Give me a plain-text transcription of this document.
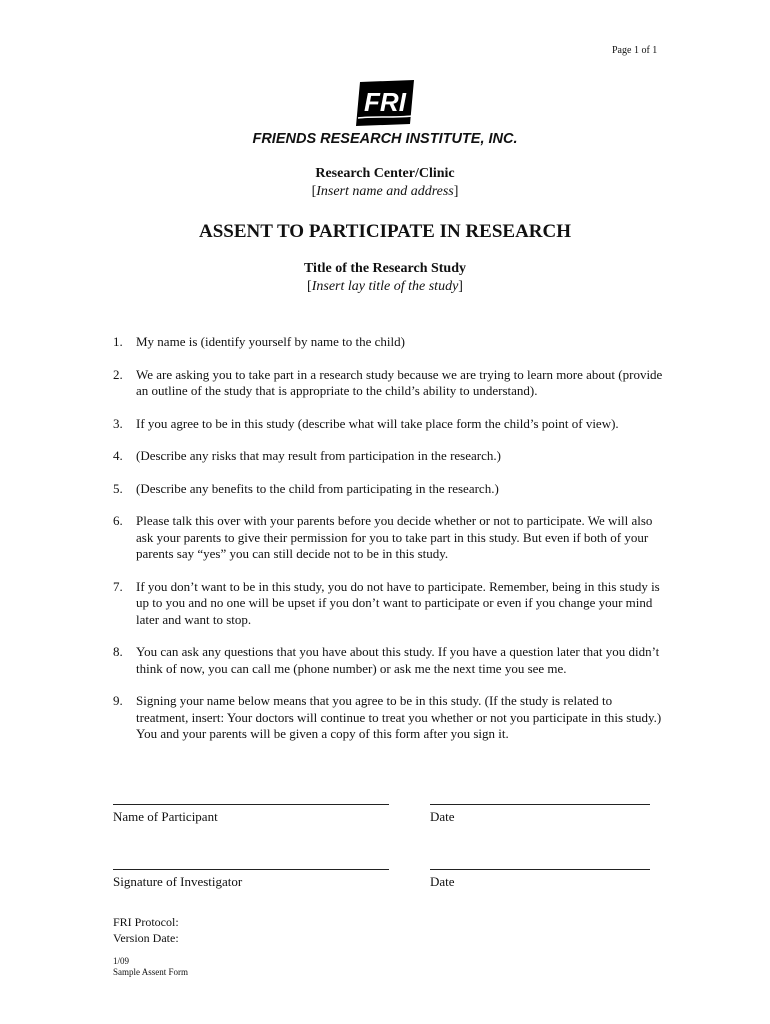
Page 1 of 1
FRI
FRIENDS RESEARCH INSTITUTE, INC.
Research Center/Clinic
[Insert name and address]
ASSENT TO PARTICIPATE IN RESEARCH
Title of the Research Study
[Insert lay title of the study]
1.	My name is (identify yourself by name to the child)
2.	We are asking you to take part in a research study because we are trying to learn more about (provide an outline of the study that is appropriate to the child’s ability to understand).
3.	If you agree to be in this study (describe what will take place form the child’s point of view).
4.	(Describe any risks that may result from participation in the research.)
5.	(Describe any benefits to the child from participating in the research.)
6.	Please talk this over with your parents before you decide whether or not to participate. We will also ask your parents to give their permission for you to take part in this study. But even if both of your parents say “yes” you can still decide not to be in this study.
7.	If you don’t want to be in this study, you do not have to participate. Remember, being in this study is up to you and no one will be upset if you don’t want to participate or even if you change your mind later and want to stop.
8.	You can ask any questions that you have about this study. If you have a question later that you didn’t think of now, you can call me (phone number) or ask me the next time you see me.
9.	Signing your name below means that you agree to be in this study. (If the study is related to treatment, insert: Your doctors will continue to treat you whether or not you participate in this study.) You and your parents will be given a copy of this form after you sign it.
Name of Participant	Date
Signature of Investigator	Date
FRI Protocol:
Version Date:
1/09
Sample Assent Form
